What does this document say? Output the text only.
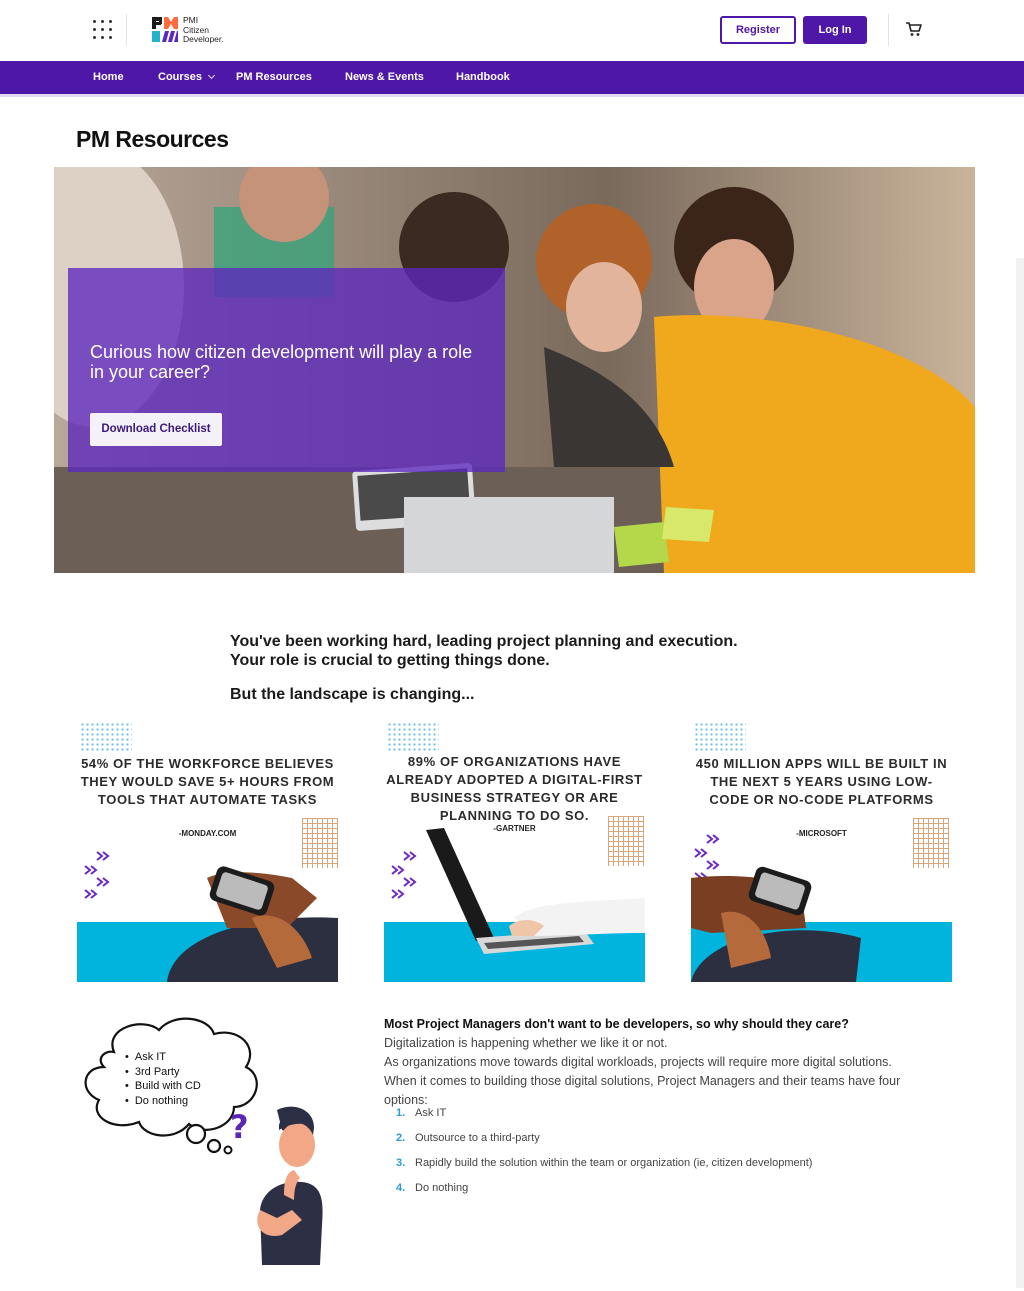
PMI
Citizen
Developer.
Register	Log In
Home	Courses	PM Resources	News & Events	Handbook
PM Resources
Curious how citizen development will play a role in your career?
Download Checklist
You've been working hard, leading project planning and execution.
Your role is crucial to getting things done.
But the landscape is changing...
54% OF THE WORKFORCE BELIEVES THEY WOULD SAVE 5+ HOURS FROM TOOLS THAT AUTOMATE TASKS
-MONDAY.COM
89% OF ORGANIZATIONS HAVE ALREADY ADOPTED A DIGITAL-FIRST BUSINESS STRATEGY OR ARE PLANNING TO DO SO.
-GARTNER
450 MILLION APPS WILL BE BUILT IN THE NEXT 5 YEARS USING LOW-CODE OR NO-CODE PLATFORMS
-MICROSOFT
• Ask IT
• 3rd Party
• Build with CD
• Do nothing
?
Most Project Managers don't want to be developers, so why should they care?

Digitalization is happening whether we like it or not.

As organizations move towards digital workloads, projects will require more digital solutions.

When it comes to building those digital solutions, Project Managers and their teams have four options:

1. Ask IT
2. Outsource to a third-party
3. Rapidly build the solution within the team or organization (ie, citizen development)
4. Do nothing
